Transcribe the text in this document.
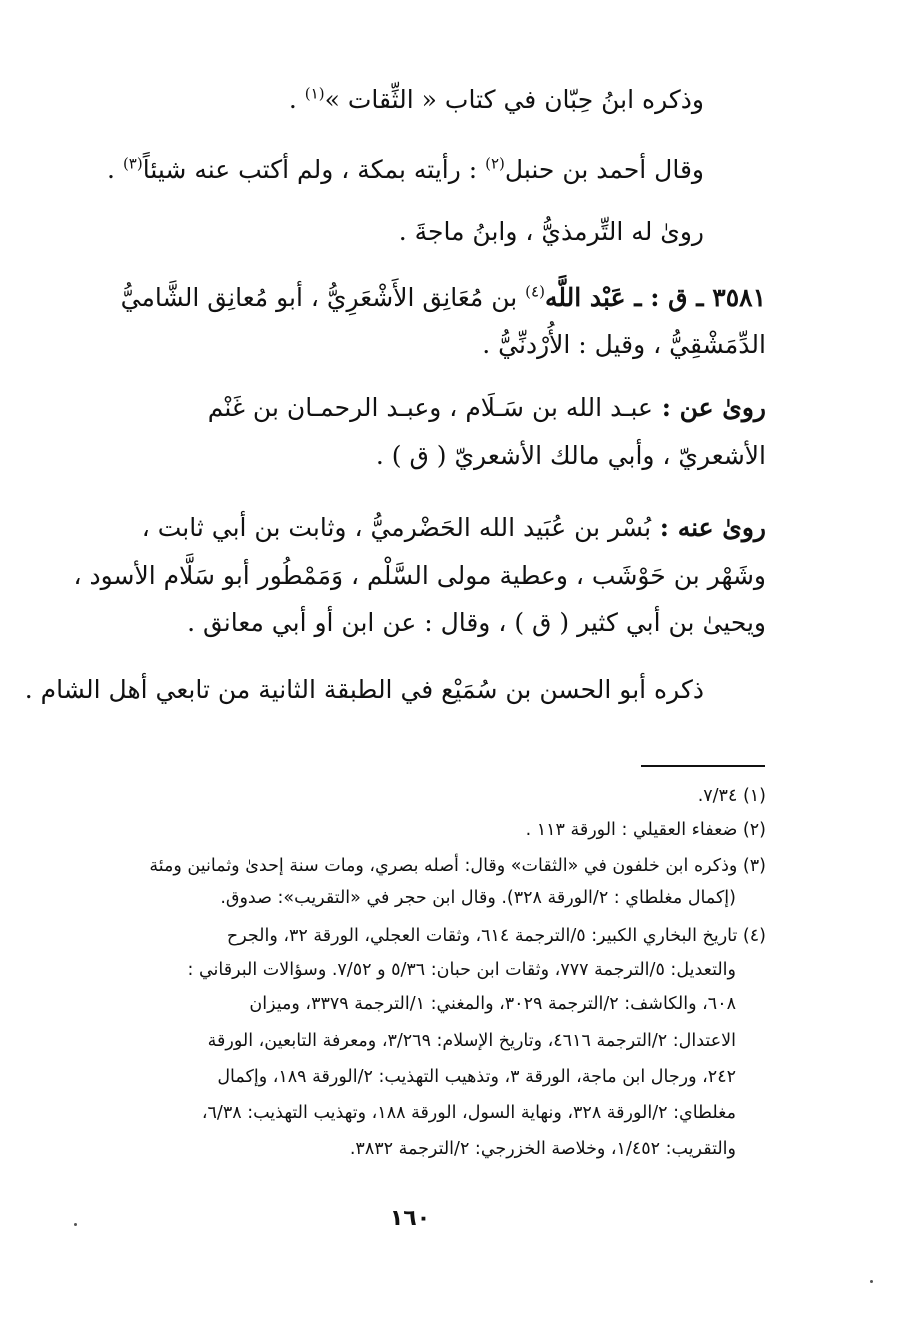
وذكره ابنُ حِبّان في كتاب « الثِّقات »$^{(١)}$ .
وقال أحمد بن حنبل$^{(٢)}$ : رأيته بمكة ، ولم أكتب عنه شيئاً$^{(٣)}$ .
روىٰ له التِّرمذيُّ ، وابنُ ماجةَ .
٣٥٨١ ـ ق : ـ عَبْد اللَّه$^{(٤)}$ بن مُعَانِق الأَشْعَرِيُّ ، أبو مُعانِق الشَّاميُّ
الدِّمَشْقِيُّ ، وقيل : الأُرْدنِّيُّ .
روىٰ عن : عبـد الله بن سَـلَام ، وعبـد الرحمـان بن غَنْم
الأشعريّ ، وأبي مالك الأشعريّ ( ق ) .
روىٰ عنه : بُسْر بن عُبَيد الله الحَضْرميُّ ، وثابت بن أبي ثابت ،
وشَهْر بن حَوْشَب ، وعطية مولى السَّلْم ، وَمَمْطُور أبو سَلَّام الأسود ،
ويحيىٰ بن أبي كثير ( ق ) ، وقال : عن ابن أو أبي معانق .
ذكره أبو الحسن بن سُمَيْع في الطبقة الثانية من تابعي أهل الشام .
(١) ٧/٣٤.
(٢) ضعفاء العقيلي : الورقة ١١٣ .
(٣) وذكره ابن خلفون في «الثقات» وقال: أصله بصري، ومات سنة إحدىٰ وثمانين ومئة
(إكمال مغلطاي : ٢/الورقة ٣٢٨). وقال ابن حجر في «التقريب»: صدوق.
(٤) تاريخ البخاري الكبير: ٥/الترجمة ٦١٤، وثقات العجلي، الورقة ٣٢، والجرح
والتعديل: ٥/الترجمة ٧٧٧، وثقات ابن حبان: ٥/٣٦ و ٧/٥٢. وسؤالات البرقاني :
٦٠٨، والكاشف: ٢/الترجمة ٣٠٢٩، والمغني: ١/الترجمة ٣٣٧٩، وميزان
الاعتدال: ٢/الترجمة ٤٦١٦، وتاريخ الإسلام: ٣/٢٦٩، ومعرفة التابعين، الورقة
٢٤٢، ورجال ابن ماجة، الورقة ٣، وتذهيب التهذيب: ٢/الورقة ١٨٩، وإكمال
مغلطاي: ٢/الورقة ٣٢٨، ونهاية السول، الورقة ١٨٨، وتهذيب التهذيب: ٦/٣٨،
والتقريب: ١/٤٥٢، وخلاصة الخزرجي: ٢/الترجمة ٣٨٣٢.
١٦٠
